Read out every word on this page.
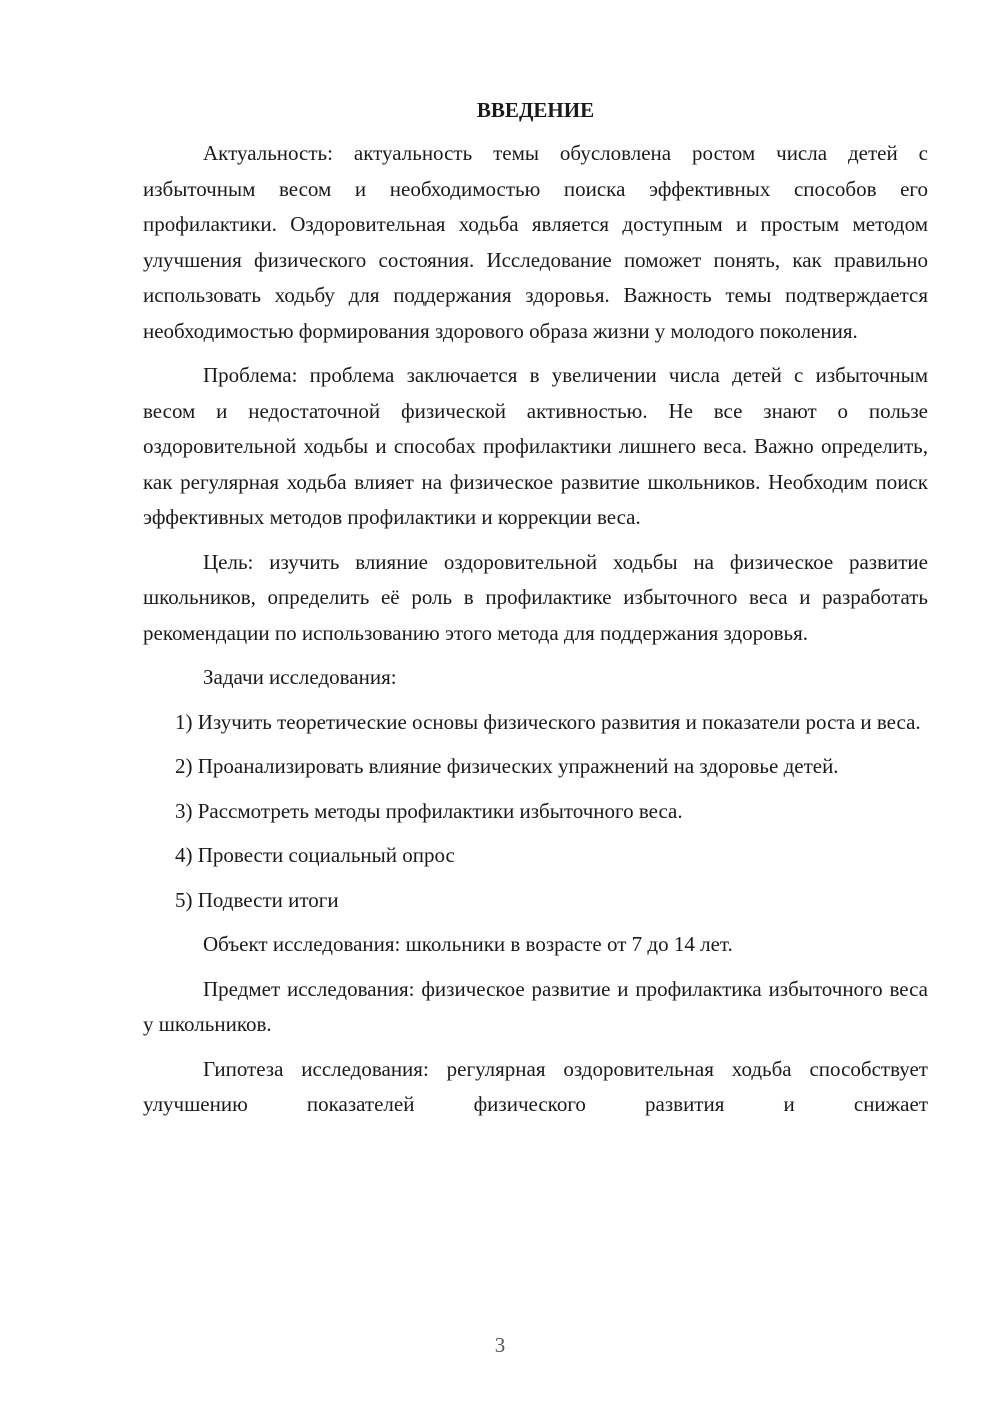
ВВЕДЕНИЕ

Актуальность: актуальность темы обусловлена ростом числа детей с избыточным весом и необходимостью поиска эффективных способов его профилактики. Оздоровительная ходьба является доступным и простым методом улучшения физического состояния. Исследование поможет понять, как правильно использовать ходьбу для поддержания здоровья. Важность темы подтверждается необходимостью формирования здорового образа жизни у молодого поколения.

Проблема: проблема заключается в увеличении числа детей с избыточным весом и недостаточной физической активностью. Не все знают о пользе оздоровительной ходьбы и способах профилактики лишнего веса. Важно определить, как регулярная ходьба влияет на физическое развитие школьников. Необходим поиск эффективных методов профилактики и коррекции веса.

Цель: изучить влияние оздоровительной ходьбы на физическое развитие школьников, определить её роль в профилактике избыточного веса и разработать рекомендации по использованию этого метода для поддержания здоровья.

Задачи исследования:

1) Изучить теоретические основы физического развития и показатели роста и веса.

2) Проанализировать влияние физических упражнений на здоровье детей.

3) Рассмотреть методы профилактики избыточного веса.

4) Провести социальный опрос

5) Подвести итоги

Объект исследования: школьники в возрасте от 7 до 14 лет.

Предмет исследования: физическое развитие и профилактика избыточного веса у школьников.

Гипотеза исследования: регулярная оздоровительная ходьба способствует улучшению показателей физического развития и снижает

3
